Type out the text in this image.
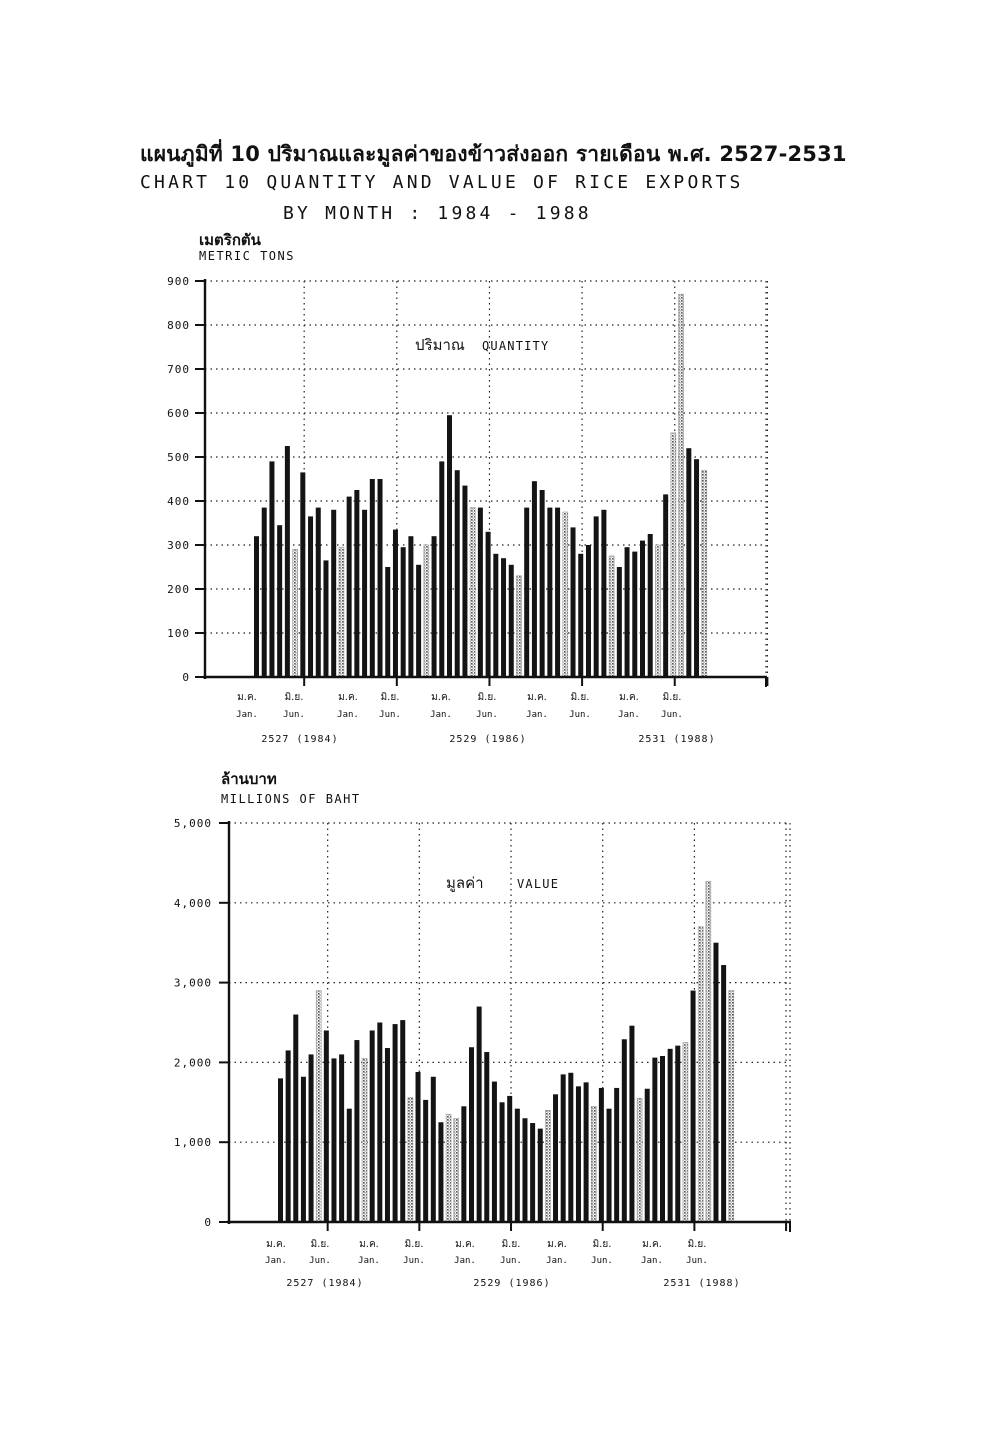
แผนภูมิที่ 10 ปริมาณและมูลค่าของข้าวส่งออก รายเดือน พ.ศ. 2527-2531
CHART 10 QUANTITY AND VALUE OF RICE EXPORTS
BY MONTH : 1984 - 1988
เมตริกตัน
METRIC TONS
0
100
200
300
400
500
600
700
800
900
ปริมาณ QUANTITY
ม.ค.
Jan.
มิ.ย.
Jun.
ม.ค.
Jan.
มิ.ย.
Jun.
ม.ค.
Jan.
มิ.ย.
Jun.
ม.ค.
Jan.
มิ.ย.
Jun.
ม.ค.
Jan.
มิ.ย.
Jun.
2527 (1984)	2529 (1986)	2531 (1988)
ล้านบาท
MILLIONS OF BAHT
0
1,000
2,000
3,000
4,000
5,000
มูลค่า	VALUE
ม.ค.
Jan.
มิ.ย.
Jun.
ม.ค.
Jan.
มิ.ย.
Jun.
ม.ค.
Jan.
มิ.ย.
Jun.
ม.ค.
Jan.
มิ.ย.
Jun.
ม.ค.
Jan.
มิ.ย.
Jun.
2527 (1984)	2529 (1986)	2531 (1988)
